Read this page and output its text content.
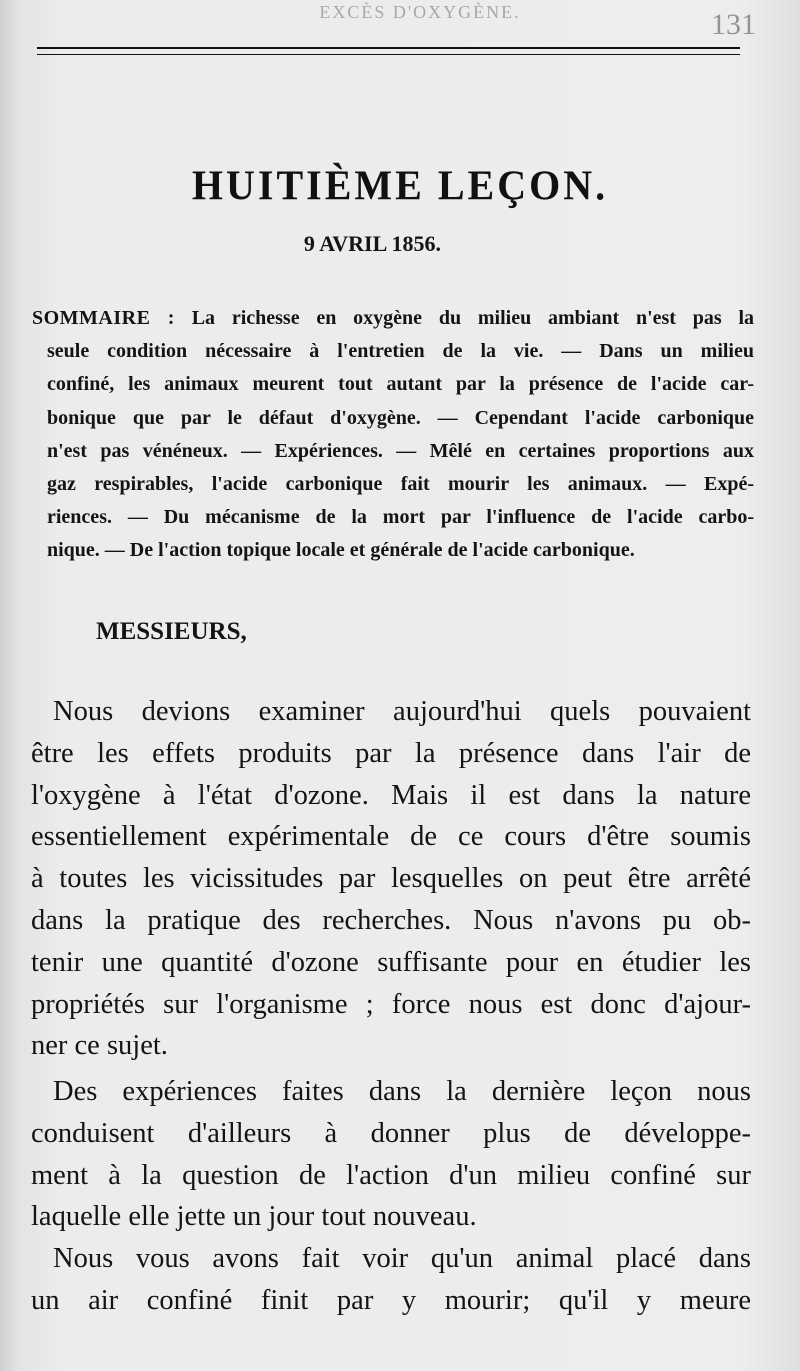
EXCÈS D'OXYGÈNE.	131
HUITIÈME LEÇON.
9 AVRIL 1856.
SOMMAIRE : La richesse en oxygène du milieu ambiant n'est pas la
seule condition nécessaire à l'entretien de la vie. — Dans un milieu
confiné, les animaux meurent tout autant par la présence de l'acide car-
bonique que par le défaut d'oxygène. — Cependant l'acide carbonique
n'est pas vénéneux. — Expériences. — Mêlé en certaines proportions aux
gaz respirables, l'acide carbonique fait mourir les animaux. — Expé-
riences. — Du mécanisme de la mort par l'influence de l'acide carbo-
nique. — De l'action topique locale et générale de l'acide carbonique.
MESSIEURS,
Nous devions examiner aujourd'hui quels pouvaient
être les effets produits par la présence dans l'air de
l'oxygène à l'état d'ozone. Mais il est dans la nature
essentiellement expérimentale de ce cours d'être soumis
à toutes les vicissitudes par lesquelles on peut être arrêté
dans la pratique des recherches. Nous n'avons pu ob-
tenir une quantité d'ozone suffisante pour en étudier les
propriétés sur l'organisme ; force nous est donc d'ajour-
ner ce sujet.
Des expériences faites dans la dernière leçon nous
conduisent d'ailleurs à donner plus de développe-
ment à la question de l'action d'un milieu confiné sur
laquelle elle jette un jour tout nouveau.
Nous vous avons fait voir qu'un animal placé dans
un air confiné finit par y mourir; qu'il y meure
